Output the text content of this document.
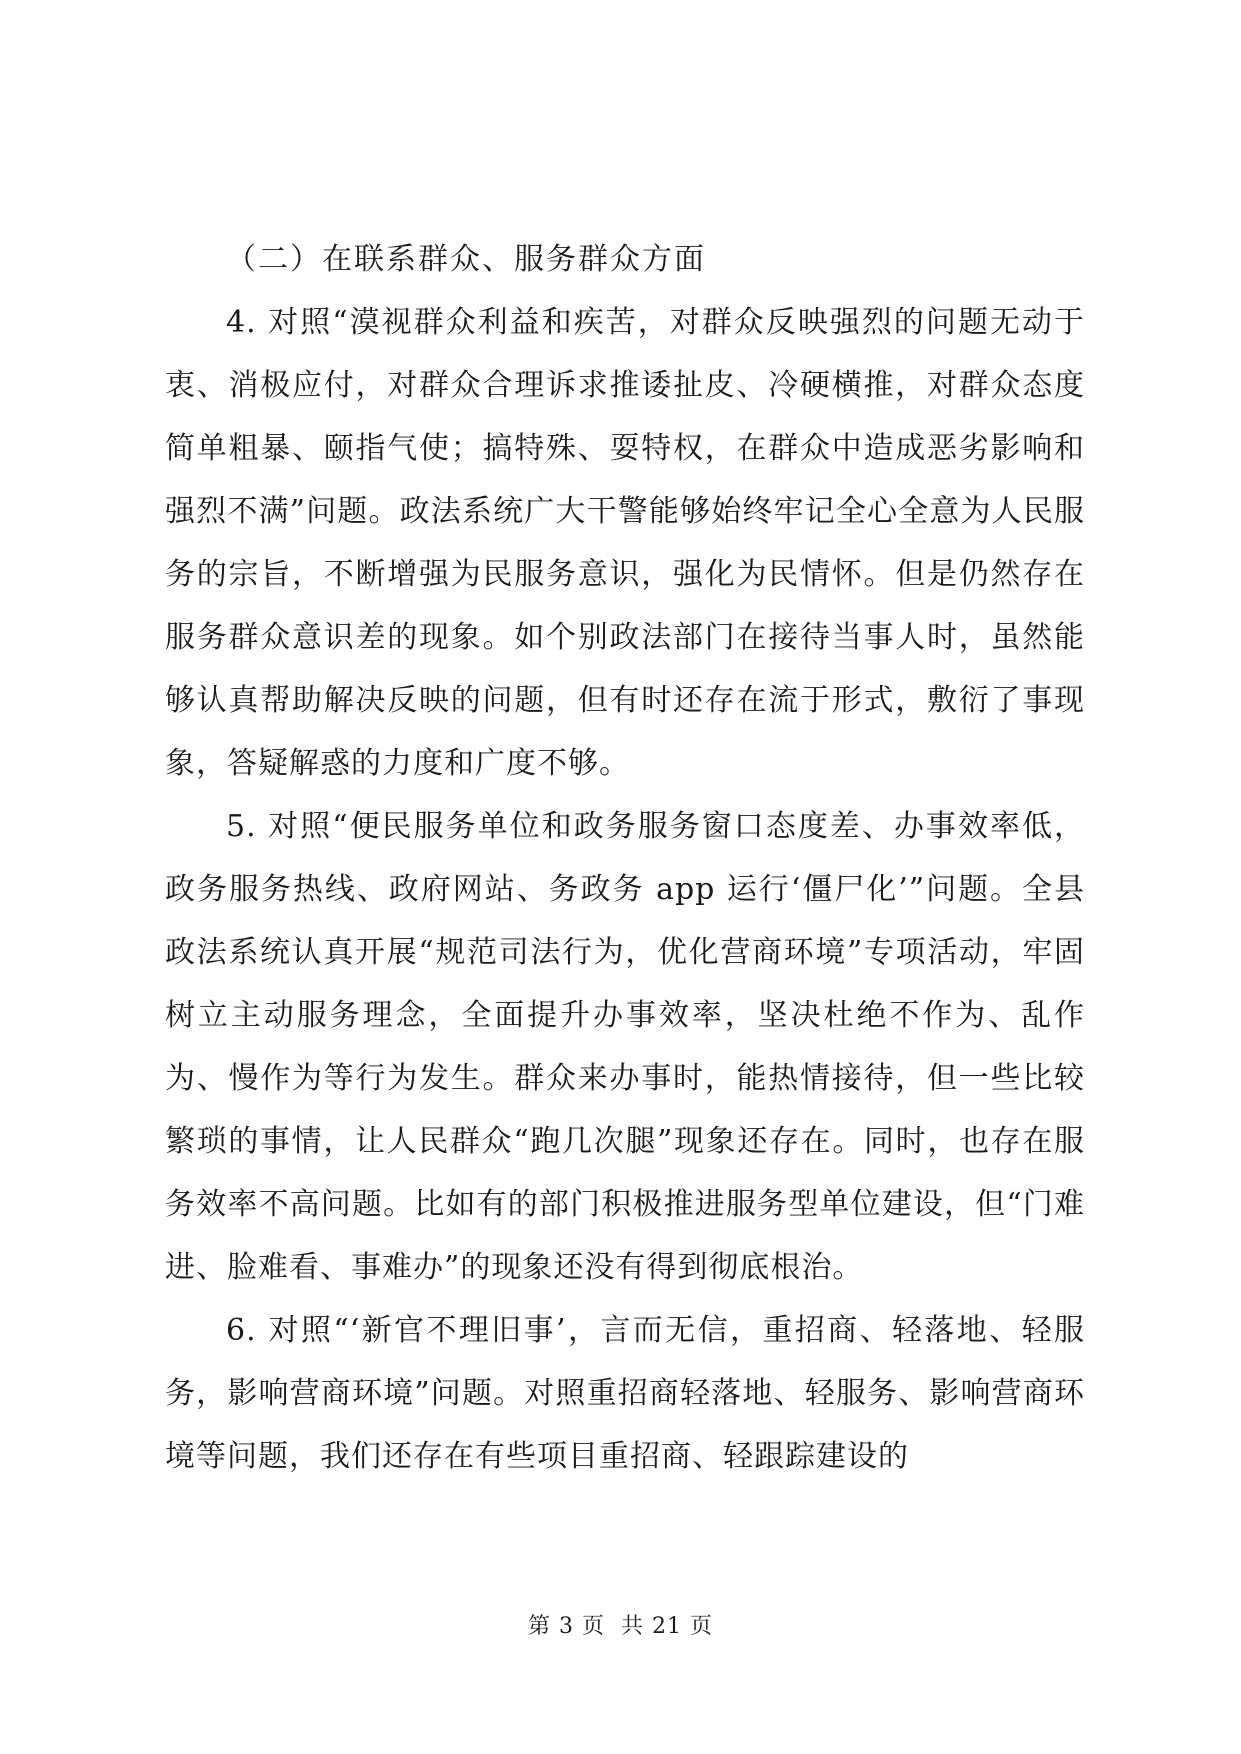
（二）在联系群众、服务群众方面

4. 对照“漠视群众利益和疾苦，对群众反映强烈的问题无动于衷、消极应付，对群众合理诉求推诿扯皮、冷硬横推，对群众态度简单粗暴、颐指气使；搞特殊、耍特权，在群众中造成恶劣影响和强烈不满”问题。政法系统广大干警能够始终牢记全心全意为人民服务的宗旨，不断增强为民服务意识，强化为民情怀。但是仍然存在服务群众意识差的现象。如个别政法部门在接待当事人时，虽然能够认真帮助解决反映的问题，但有时还存在流于形式，敷衍了事现象，答疑解惑的力度和广度不够。

5. 对照“便民服务单位和政务服务窗口态度差、办事效率低，政务服务热线、政府网站、务政务 app 运行‘僵尸化’”问题。全县政法系统认真开展“规范司法行为，优化营商环境”专项活动，牢固树立主动服务理念，全面提升办事效率，坚决杜绝不作为、乱作为、慢作为等行为发生。群众来办事时，能热情接待，但一些比较繁琐的事情，让人民群众“跑几次腿”现象还存在。同时，也存在服务效率不高问题。比如有的部门积极推进服务型单位建设，但“门难进、脸难看、事难办”的现象还没有得到彻底根治。

6. 对照“‘新官不理旧事’，言而无信，重招商、轻落地、轻服务，影响营商环境”问题。对照重招商轻落地、轻服务、影响营商环境等问题，我们还存在有些项目重招商、轻跟踪建设的

第 3 页  共 21 页
